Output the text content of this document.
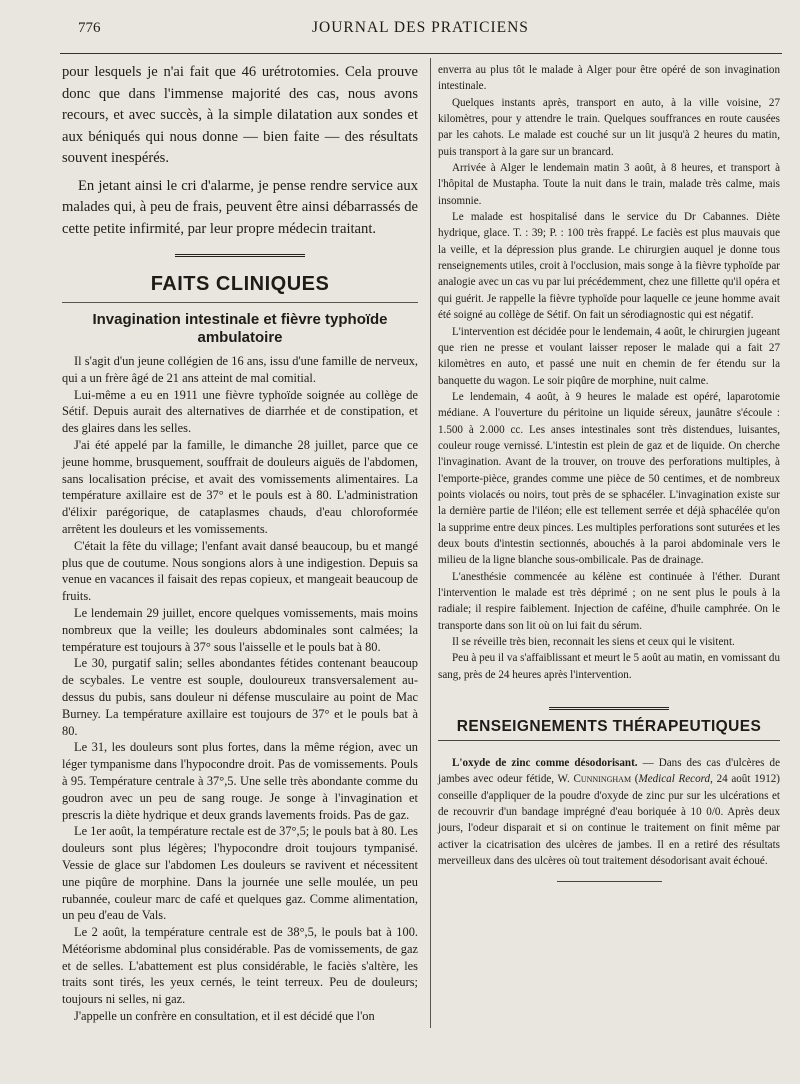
776	JOURNAL DES PRATICIENS

pour lesquels je n'ai fait que 46 urétrotomies. Cela prouve donc que dans l'immense majorité des cas, nous avons recours, et avec succès, à la simple dilatation aux sondes et aux béniqués qui nous donne — bien faite — des résultats souvent inespérés.

En jetant ainsi le cri d'alarme, je pense rendre service aux malades qui, à peu de frais, peuvent être ainsi débarrassés de cette petite infirmité, par leur propre médecin traitant.

FAITS CLINIQUES
Invagination intestinale et fièvre typhoïde ambulatoire

Il s'agit d'un jeune collégien de 16 ans, issu d'une famille de nerveux, qui a un frère âgé de 21 ans atteint de mal comitial.

Lui-même a eu en 1911 une fièvre typhoïde soignée au collège de Sétif. Depuis aurait des alternatives de diarrhée et de constipation, et des glaires dans les selles.

J'ai été appelé par la famille, le dimanche 28 juillet, parce que ce jeune homme, brusquement, souffrait de douleurs aiguës de l'abdomen, sans localisation précise, et avait des vomissements alimentaires. La température axillaire est de 37° et le pouls est à 80. L'administration d'élixir parégorique, de cataplasmes chauds, d'eau chloroformée arrêtent les douleurs et les vomissements.

C'était la fête du village; l'enfant avait dansé beaucoup, bu et mangé plus que de coutume. Nous songions alors à une indigestion. Depuis sa venue en vacances il faisait des repas copieux, et mangeait beaucoup de fruits.

Le lendemain 29 juillet, encore quelques vomissements, mais moins nombreux que la veille; les douleurs abdominales sont calmées; la température est toujours à 37° sous l'aisselle et le pouls bat à 80.

Le 30, purgatif salin; selles abondantes fétides contenant beaucoup de scybales. Le ventre est souple, douloureux transversalement au-dessus du pubis, sans douleur ni défense musculaire au point de Mac Burney. La température axillaire est toujours de 37° et le pouls bat à 80.

Le 31, les douleurs sont plus fortes, dans la même région, avec un léger tympanisme dans l'hypocondre droit. Pas de vomissements. Pouls à 95. Température centrale à 37°,5. Une selle très abondante comme du goudron avec un peu de sang rouge. Je songe à l'invagination et prescris la diète hydrique et deux grands lavements froids. Pas de gaz.

Le 1er août, la température rectale est de 37°,5; le pouls bat à 80. Les douleurs sont plus légères; l'hypocondre droit toujours tympanisé. Vessie de glace sur l'abdomen Les douleurs se ravivent et nécessitent une piqûre de morphine. Dans la journée une selle moulée, un peu rubannée, couleur marc de café et quelques gaz. Comme alimentation, un peu d'eau de Vals.

Le 2 août, la température centrale est de 38°,5, le pouls bat à 100. Météorisme abdominal plus considérable. Pas de vomissements, de gaz et de selles. L'abattement est plus considérable, le faciès s'altère, les traits sont tirés, les yeux cernés, le teint terreux. Peu de douleurs; toujours ni selles, ni gaz.

J'appelle un confrère en consultation, et il est décidé que l'on

enverra au plus tôt le malade à Alger pour être opéré de son invagination intestinale.

Quelques instants après, transport en auto, à la ville voisine, 27 kilomètres, pour y attendre le train. Quelques souffrances en route causées par les cahots. Le malade est couché sur un lit jusqu'à 2 heures du matin, puis transport à la gare sur un brancard.

Arrivée à Alger le lendemain matin 3 août, à 8 heures, et transport à l'hôpital de Mustapha. Toute la nuit dans le train, malade très calme, mais insomnie.

Le malade est hospitalisé dans le service du Dr Cabannes. Diète hydrique, glace. T. : 39; P. : 100 très frappé. Le faciès est plus mauvais que la veille, et la dépression plus grande. Le chirurgien auquel je donne tous renseignements utiles, croit à l'occlusion, mais songe à la fièvre typhoïde par analogie avec un cas vu par lui précédemment, chez une fillette qu'il opéra et qui guérit. Je rappelle la fièvre typhoïde pour laquelle ce jeune homme avait été soigné au collège de Sétif. On fait un sérodiagnostic qui est négatif.

L'intervention est décidée pour le lendemain, 4 août, le chirurgien jugeant que rien ne presse et voulant laisser reposer le malade qui a fait 27 kilomètres en auto, et passé une nuit en chemin de fer étendu sur la banquette du wagon. Le soir piqûre de morphine, nuit calme.

Le lendemain, 4 août, à 9 heures le malade est opéré, laparotomie médiane. A l'ouverture du péritoine un liquide séreux, jaunâtre s'écoule : 1.500 à 2.000 cc. Les anses intestinales sont très distendues, luisantes, couleur rouge vernissé. L'intestin est plein de gaz et de liquide. On cherche l'invagination. Avant de la trouver, on trouve des perforations multiples, à l'emporte-pièce, grandes comme une pièce de 50 centimes, et de nombreux points violacés ou noirs, tout près de se sphacéler. L'invagination existe sur la dernière partie de l'iléon; elle est tellement serrée et déjà sphacélée qu'on la supprime entre deux pinces. Les multiples perforations sont suturées et les deux bouts d'intestin sectionnés, abouchés à la paroi abdominale vers le milieu de la ligne blanche sous-ombilicale. Pas de drainage.

L'anesthésie commencée au kélène est continuée à l'éther. Durant l'intervention le malade est très déprimé ; on ne sent plus le pouls à la radiale; il respire faiblement. Injection de caféine, d'huile camphrée. On le transporte dans son lit où on lui fait du sérum.

Il se réveille très bien, reconnait les siens et ceux qui le visitent.

Peu à peu il va s'affaiblissant et meurt le 5 août au matin, en vomissant du sang, près de 24 heures après l'intervention.

RENSEIGNEMENTS THÉRAPEUTIQUES

L'oxyde de zinc comme désodorisant. — Dans des cas d'ulcères de jambes avec odeur fétide, W. Cunningham (Medical Record, 24 août 1912) conseille d'appliquer de la poudre d'oxyde de zinc pur sur les ulcérations et de recouvrir d'un bandage imprégné d'eau boriquée à 10 0/0. Après deux jours, l'odeur disparait et si on continue le traitement on finit même par activer la cicatrisation des ulcères de jambes. Il en a retiré des résultats merveilleux dans des ulcères où tout traitement désodorisant avait échoué.
